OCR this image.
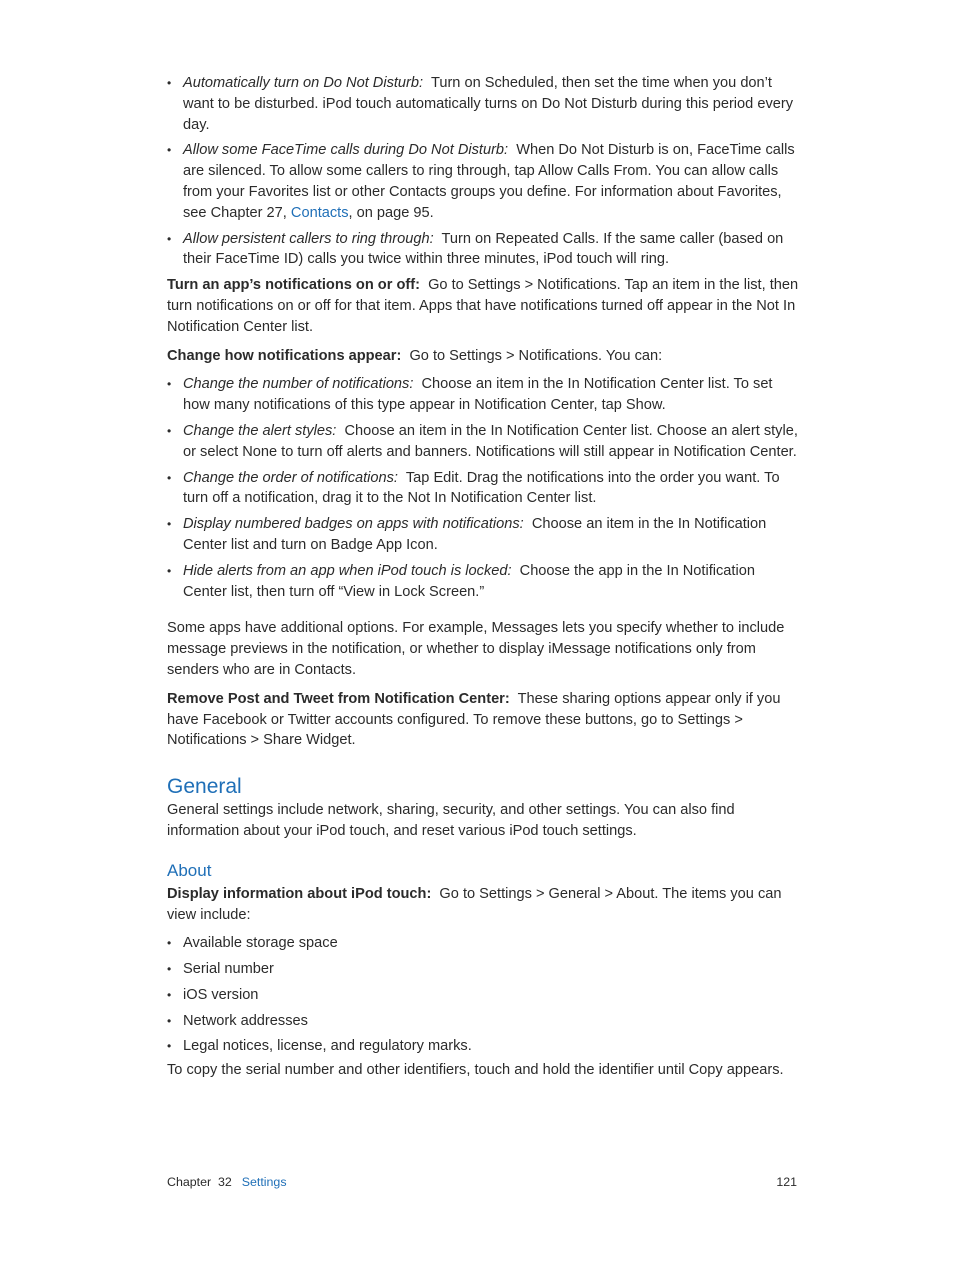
• Automatically turn on Do Not Disturb: Turn on Scheduled, then set the time when you don’t want to be disturbed. iPod touch automatically turns on Do Not Disturb during this period every day.
• Allow some FaceTime calls during Do Not Disturb: When Do Not Disturb is on, FaceTime calls are silenced. To allow some callers to ring through, tap Allow Calls From. You can allow calls from your Favorites list or other Contacts groups you define. For information about Favorites, see Chapter 27, Contacts, on page 95.
• Allow persistent callers to ring through: Turn on Repeated Calls. If the same caller (based on their FaceTime ID) calls you twice within three minutes, iPod touch will ring.

Turn an app’s notifications on or off: Go to Settings > Notifications. Tap an item in the list, then turn notifications on or off for that item. Apps that have notifications turned off appear in the Not In Notification Center list.

Change how notifications appear: Go to Settings > Notifications. You can:

• Change the number of notifications: Choose an item in the In Notification Center list. To set how many notifications of this type appear in Notification Center, tap Show.
• Change the alert styles: Choose an item in the In Notification Center list. Choose an alert style, or select None to turn off alerts and banners. Notifications will still appear in Notification Center.
• Change the order of notifications: Tap Edit. Drag the notifications into the order you want. To turn off a notification, drag it to the Not In Notification Center list.
• Display numbered badges on apps with notifications: Choose an item in the In Notification Center list and turn on Badge App Icon.
• Hide alerts from an app when iPod touch is locked: Choose the app in the In Notification Center list, then turn off “View in Lock Screen.”

Some apps have additional options. For example, Messages lets you specify whether to include message previews in the notification, or whether to display iMessage notifications only from senders who are in Contacts.

Remove Post and Tweet from Notification Center: These sharing options appear only if you have Facebook or Twitter accounts configured. To remove these buttons, go to Settings > Notifications > Share Widget.

General

General settings include network, sharing, security, and other settings. You can also find information about your iPod touch, and reset various iPod touch settings.

About

Display information about iPod touch: Go to Settings > General > About. The items you can view include:

• Available storage space
• Serial number
• iOS version
• Network addresses
• Legal notices, license, and regulatory marks.

To copy the serial number and other identifiers, touch and hold the identifier until Copy appears.

Chapter  32 Settings	121
